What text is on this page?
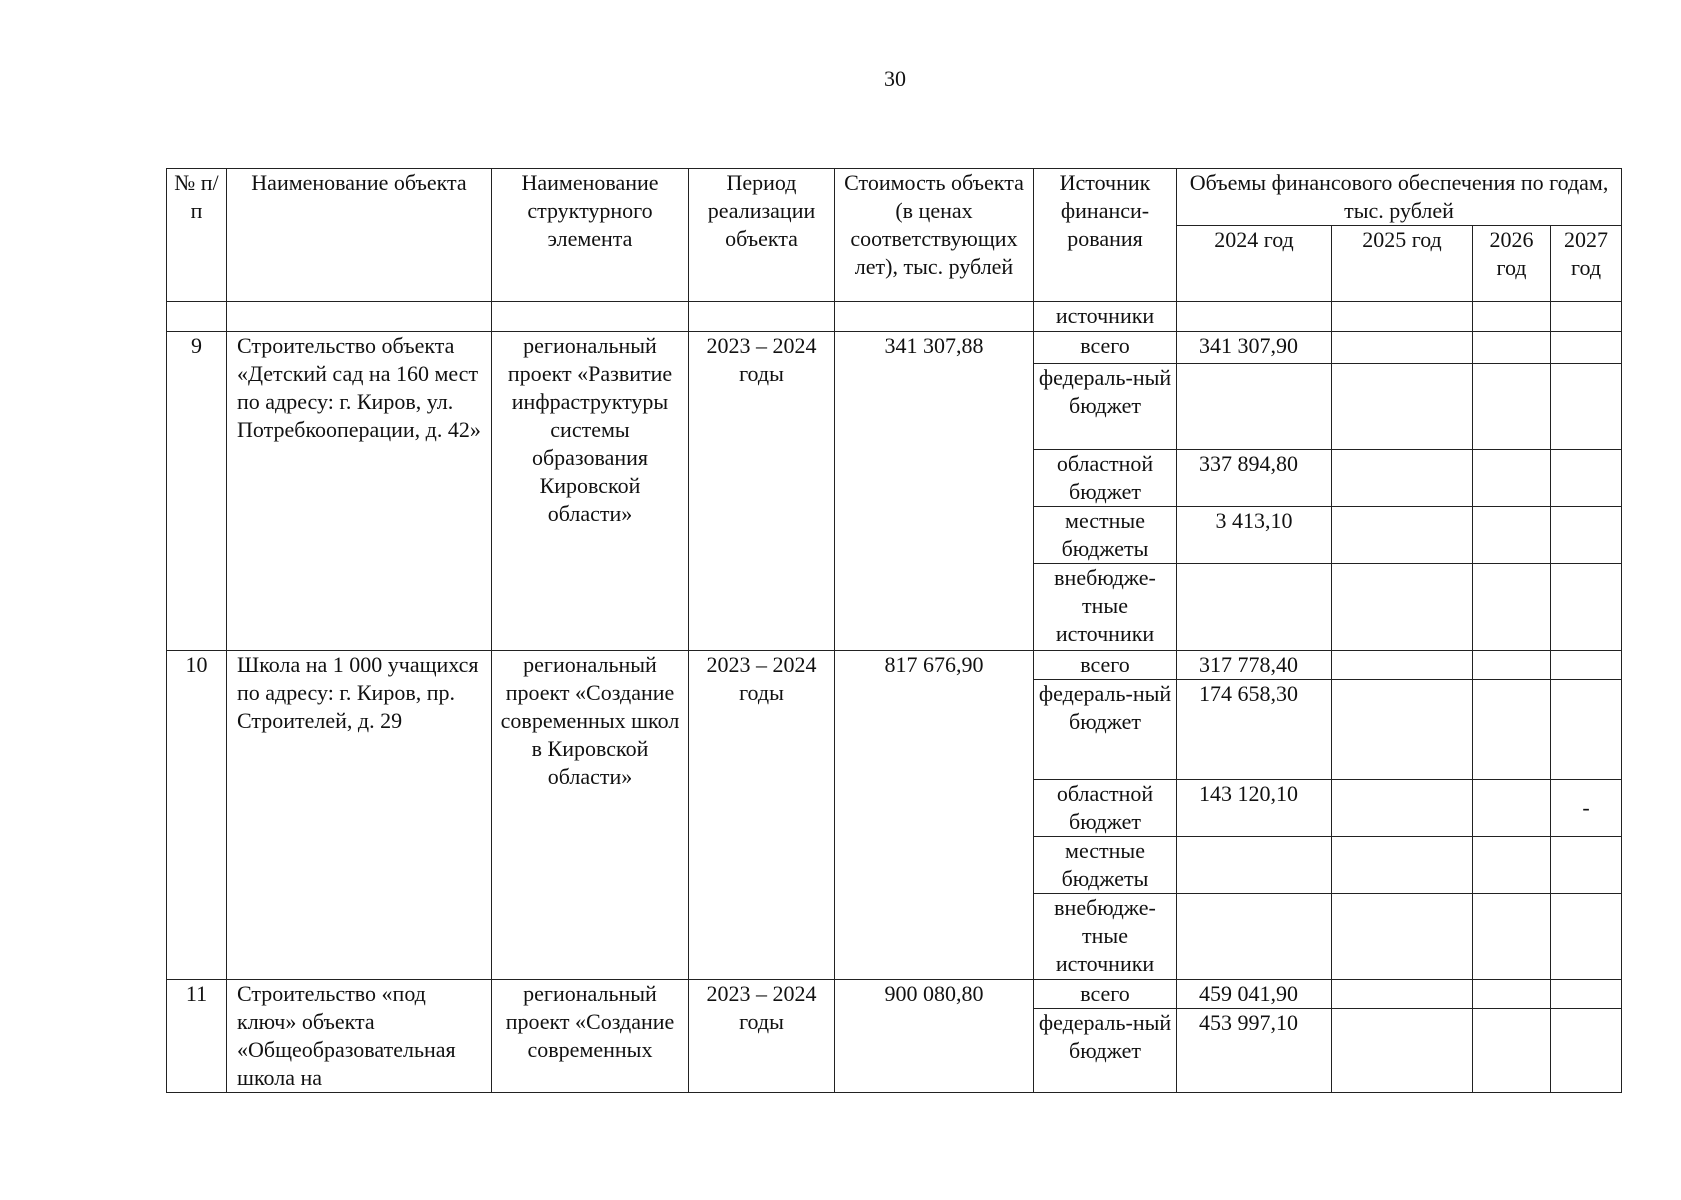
30
№ п/п	Наименование объекта	Наименование структурного элемента	Период реализации объекта	Стоимость объекта (в ценах соответствующих лет), тыс. рублей	Источник финанси-рования	Объемы финансового обеспечения по годам, тыс. рублей			
						2024 год	2025 год	2026 год	2027 год
					источники				
9	Строительство объекта «Детский сад на 160 мест по адресу: г. Киров, ул. Потребкооперации, д. 42»	региональный проект «Развитие инфраструктуры системы образования Кировской области»	2023 – 2024 годы	341 307,88	всего	341 307,90			
					федераль-ный бюджет				
					областной бюджет	337 894,80			
					местные бюджеты	3 413,10			
					внебюдже-тные источники				
10	Школа на 1 000 учащихся по адресу: г. Киров, пр. Строителей, д. 29	региональный проект «Создание современных школ в Кировской области»	2023 – 2024 годы	817 676,90	всего	317 778,40			
					федераль-ный бюджет	174 658,30			
					областной бюджет	143 120,10			-
					местные бюджеты				
					внебюдже-тные источники				
11	Строительство «под ключ» объекта «Общеобразовательная школа на	региональный проект «Создание современных	2023 – 2024 годы	900 080,80	всего	459 041,90			
					федераль-ный бюджет	453 997,10			
